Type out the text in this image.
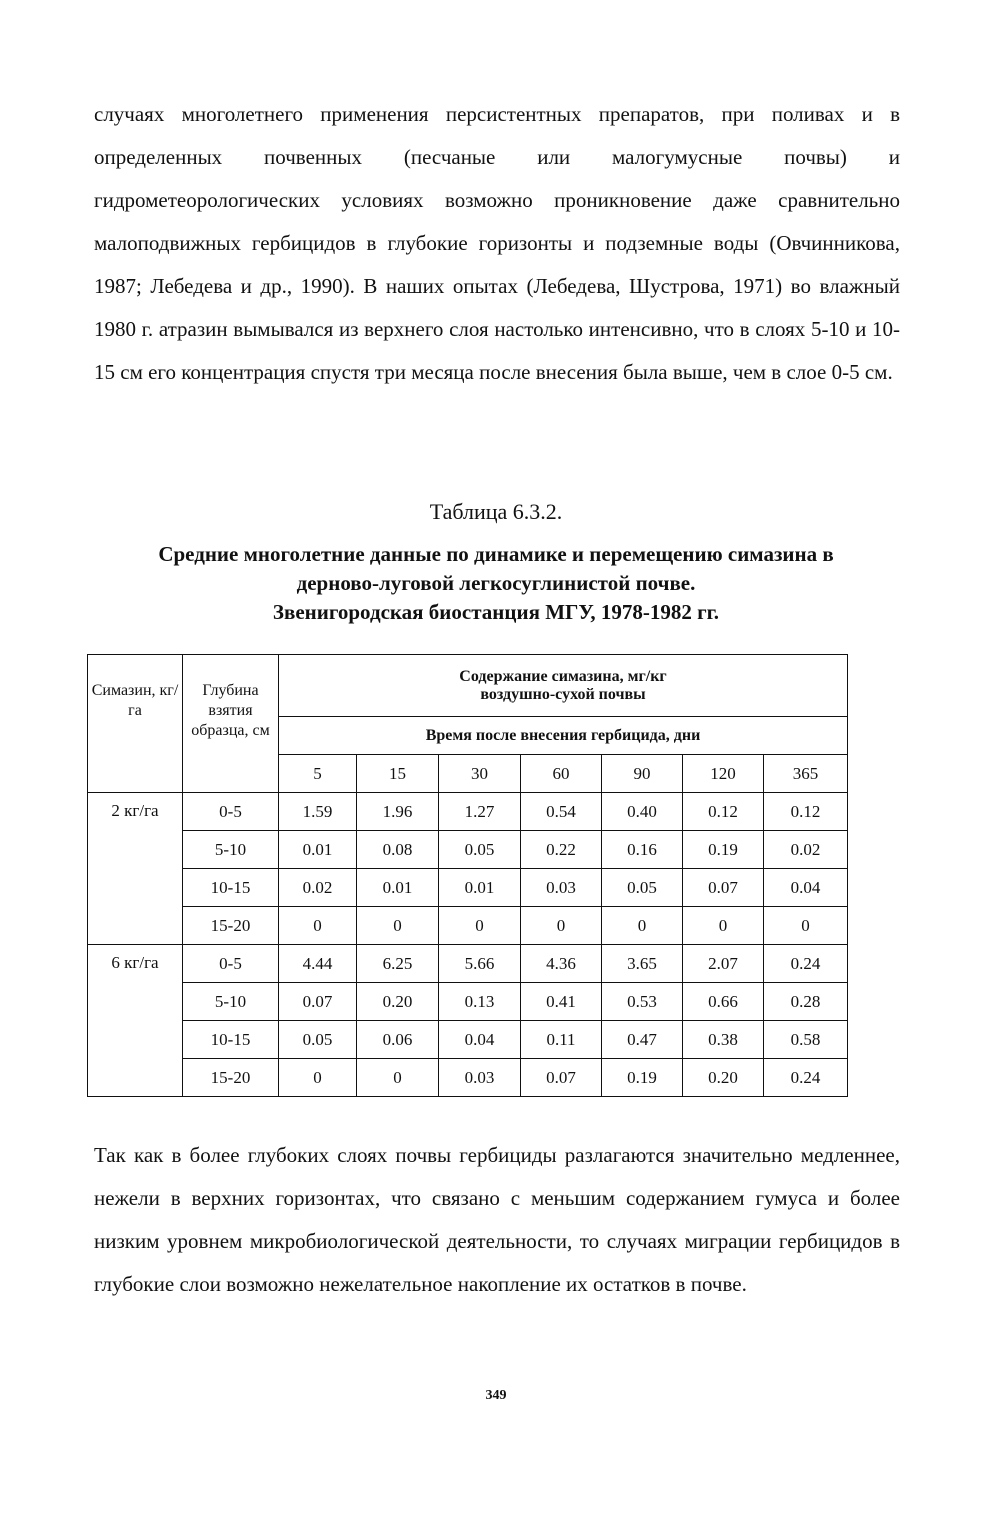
случаях многолетнего применения персистентных препаратов, при поливах и в определенных почвенных (песчаные или малогумусные почвы) и гидрометеорологических условиях возможно проникновение даже сравнительно малоподвижных гербицидов в глубокие горизонты и подземные воды (Овчинникова, 1987; Лебедева и др., 1990). В наших опытах (Лебедева, Шустрова, 1971) во влажный 1980 г. атразин вымывался из верхнего слоя настолько интенсивно, что в слоях 5-10 и 10-15 см его концентрация спустя три месяца после внесения была выше, чем в слое 0-5 см.

Таблица 6.3.2.

Средние многолетние данные по динамике и перемещению симазина в
дерново-луговой легкосуглинистой почве.
Звенигородская биостанция МГУ, 1978-1982 гг.

Симазин, кг/га	Глубина взятия образца, см	Содержание симазина, мг/кг воздушно-сухой почвы						
		Время после внесения гербицида, дни						
		5	15	30	60	90	120	365
2 кг/га	0-5	1.59	1.96	1.27	0.54	0.40	0.12	0.12
	5-10	0.01	0.08	0.05	0.22	0.16	0.19	0.02
	10-15	0.02	0.01	0.01	0.03	0.05	0.07	0.04
	15-20	0	0	0	0	0	0	0
6 кг/га	0-5	4.44	6.25	5.66	4.36	3.65	2.07	0.24
	5-10	0.07	0.20	0.13	0.41	0.53	0.66	0.28
	10-15	0.05	0.06	0.04	0.11	0.47	0.38	0.58
	15-20	0	0	0.03	0.07	0.19	0.20	0.24

Так как в более глубоких слоях почвы гербициды разлагаются значительно медленнее, нежели в верхних горизонтах, что связано с меньшим содержанием гумуса и более низким уровнем микробиологической деятельности, то случаях миграции гербицидов в глубокие слои возможно нежелательное накопление их остатков в почве.

349
